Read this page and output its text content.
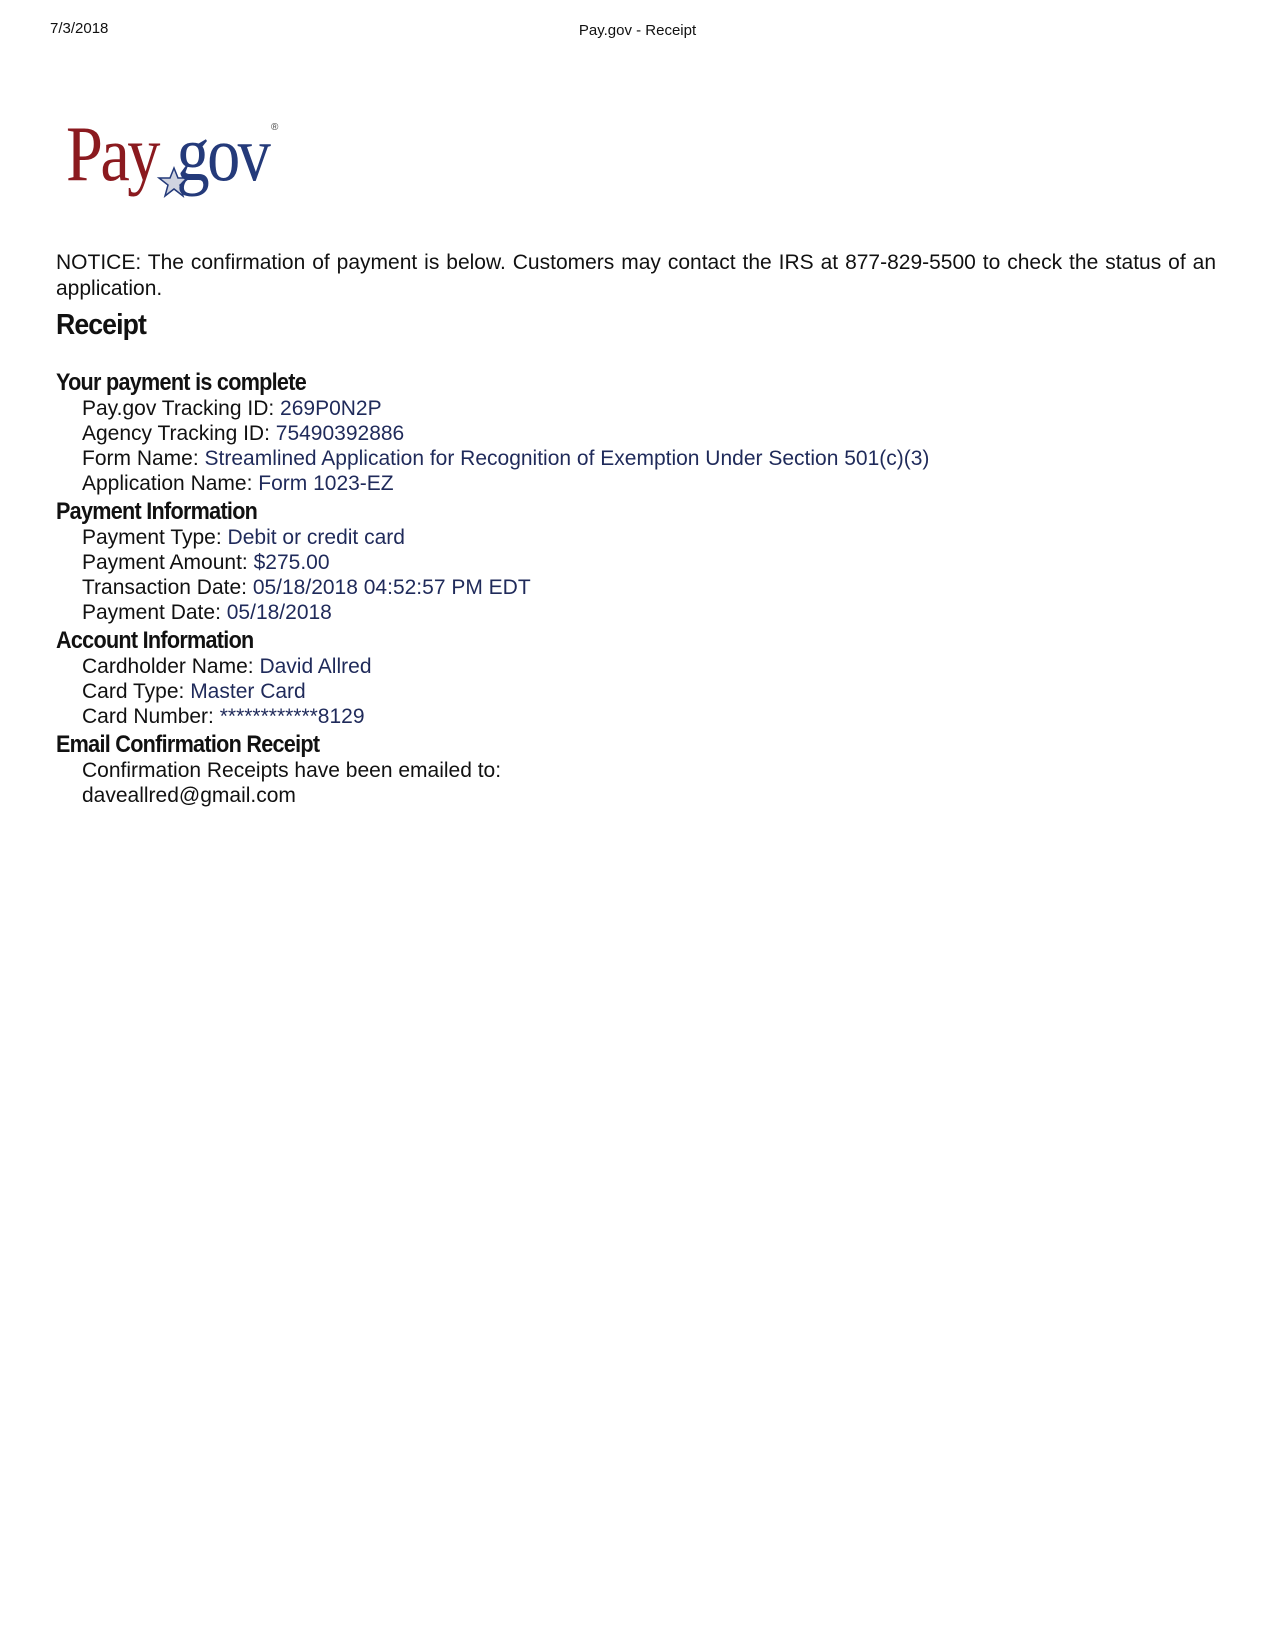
7/3/2018	Pay.gov - Receipt
Pay gov ®

NOTICE: The confirmation of payment is below. Customers may contact the IRS at 877-829-5500 to check the status of an application.

Receipt
Your payment is complete
Pay.gov Tracking ID: 269P0N2P
Agency Tracking ID: 75490392886
Form Name: Streamlined Application for Recognition of Exemption Under Section 501(c)(3)
Application Name: Form 1023-EZ
Payment Information
Payment Type: Debit or credit card
Payment Amount: $275.00
Transaction Date: 05/18/2018 04:52:57 PM EDT
Payment Date: 05/18/2018
Account Information
Cardholder Name: David Allred
Card Type: Master Card
Card Number: ************8129
Email Confirmation Receipt
Confirmation Receipts have been emailed to:
daveallred@gmail.com
